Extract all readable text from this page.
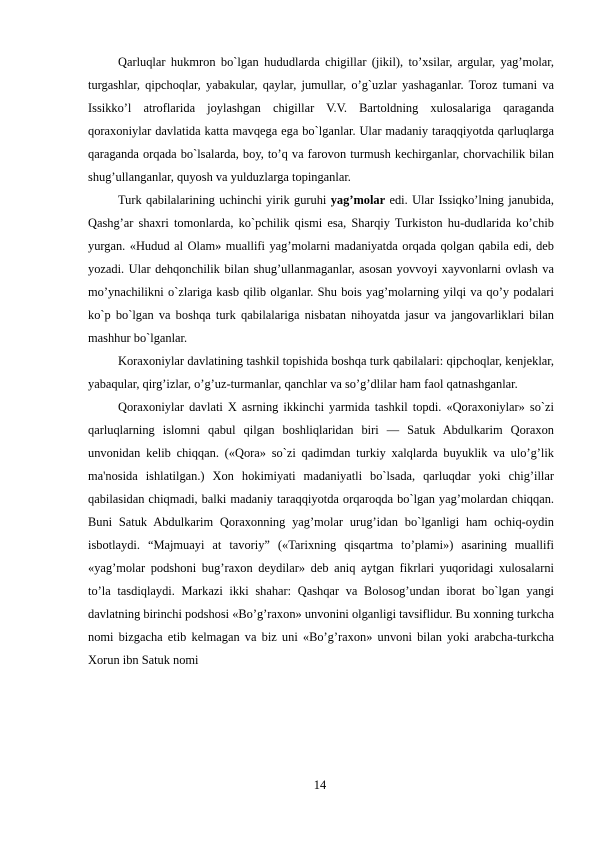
Qarluqlar hukmron bo`lgan hududlarda chigillar (jikil), to’xsilar, argular, yag’molar, turgashlar, qipchoqlar, yabakular, qaylar, jumullar, o’g`uzlar yashaganlar. Toroz tumani va Issikko’l atroflarida joylashgan chigillar V.V. Bartoldning xulosalariga qaraganda qoraxoniylar davlatida katta mavqega ega bo`lganlar. Ular madaniy taraqqiyotda qarluqlarga qaraganda orqada bo`lsalarda, boy, to’q va farovon turmush kechirganlar, chorvachilik bilan shug’ullanganlar, quyosh va yulduzlarga topinganlar.

Turk qabilalarining uchinchi yirik guruhi yag’molar edi. Ular Issiqko’lning janubida, Qashg’ar shaxri tomonlarda, ko`pchilik qismi esa, Sharqiy Turkiston hu-dudlarida ko’chib yurgan. «Hudud al Olam» muallifi yag’molarni madaniyatda orqada qolgan qabila edi, deb yozadi. Ular dehqonchilik bilan shug’ullanmaganlar, asosan yovvoyi xayvonlarni ovlash va mo’ynachilikni o`zlariga kasb qilib olganlar. Shu bois yag’molarning yilqi va qo’y podalari ko`p bo`lgan va boshqa turk qabilalariga nisbatan nihoyatda jasur va jangovarliklari bilan mashhur bo`lganlar.

Koraxoniylar davlatining tashkil topishida boshqa turk qabilalari: qipchoqlar, kenjeklar, yabaqular, qirg’izlar, o’g’uz-turmanlar, qanchlar va so’g’dlilar ham faol qatnashganlar.

Qoraxoniylar davlati X asrning ikkinchi yarmida tashkil topdi. «Qoraxoniylar» so`zi qarluqlarning islomni qabul qilgan boshliqlaridan biri — Satuk Abdulkarim Qoraxon unvonidan kelib chiqqan. («Qora» so`zi qadimdan turkiy xalqlarda buyuklik va ulo’g’lik ma'nosida ishlatilgan.) Xon hokimiyati madaniyatli bo`lsada, qarluqdar yoki chig’illar qabilasidan chiqmadi, balki madaniy taraqqiyotda orqaroqda bo`lgan yag’molardan chiqqan. Buni Satuk Abdulkarim Qoraxonning yag’molar urug’idan bo`lganligi ham ochiq-oydin isbotlaydi. “Majmuayi at tavoriy” («Tarixning qisqartma to’plami») asarining muallifi «yag’molar podshoni bug’raxon deydilar» deb aniq aytgan fikrlari yuqoridagi xulosalarni to’la tasdiqlaydi. Markazi ikki shahar: Qashqar va Bolosog’undan iborat bo`lgan yangi davlatning birinchi podshosi «Bo’g’raxon» unvonini olganligi tavsiflidur. Bu xonning turkcha nomi bizgacha etib kelmagan va biz uni «Bo’g’raxon» unvoni bilan yoki arabcha-turkcha Xorun ibn Satuk nomi

14
